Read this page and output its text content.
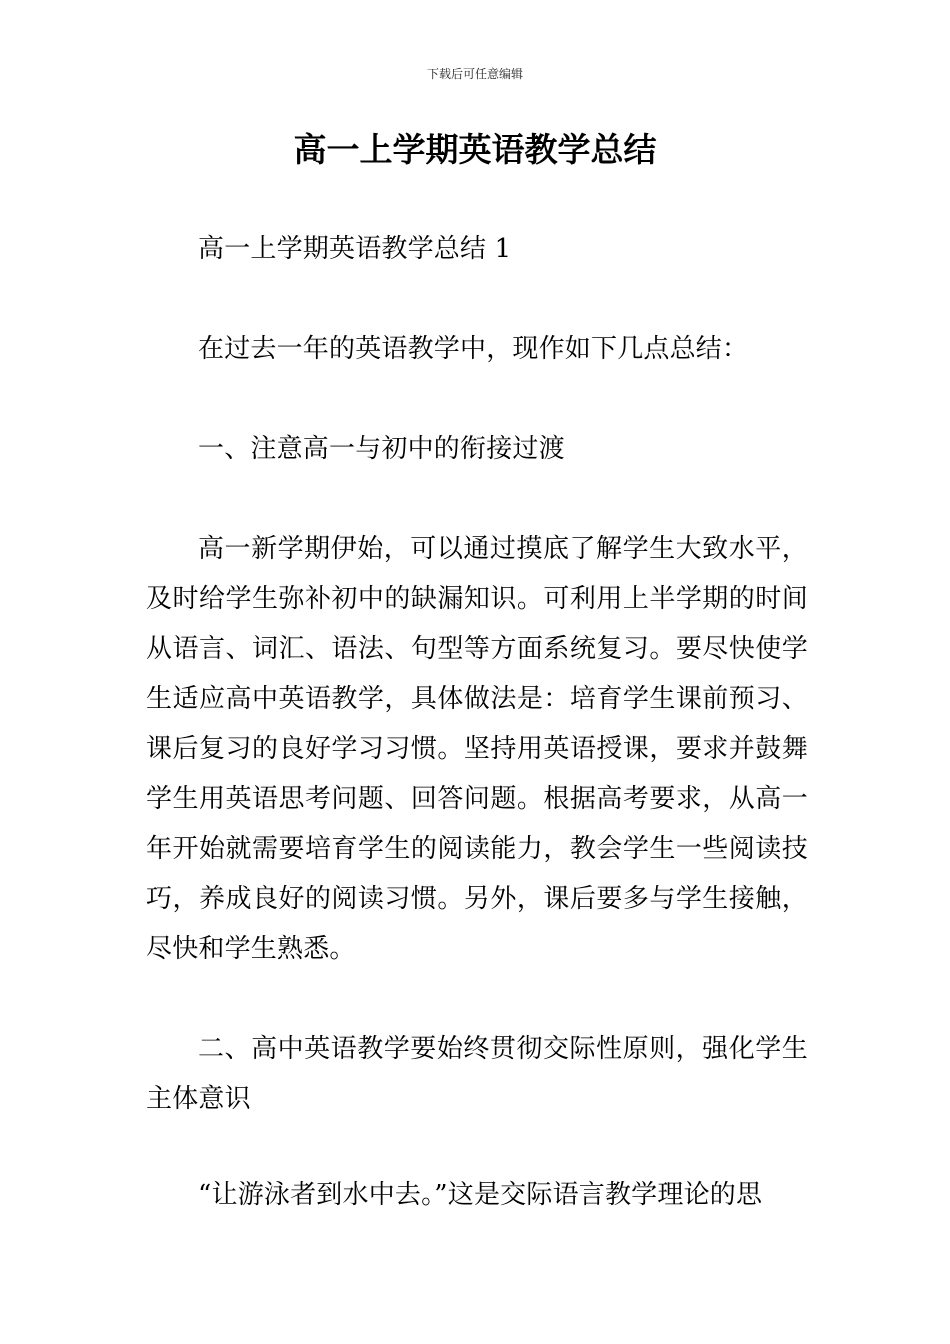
下载后可任意编辑
高一上学期英语教学总结

高一上学期英语教学总结 1

在过去一年的英语教学中，现作如下几点总结：

一、注意高一与初中的衔接过渡

高一新学期伊始，可以通过摸底了解学生大致水平，及时给学生弥补初中的缺漏知识。可利用上半学期的时间从语言、词汇、语法、句型等方面系统复习。要尽快使学生适应高中英语教学，具体做法是：培育学生课前预习、课后复习的良好学习习惯。坚持用英语授课，要求并鼓舞学生用英语思考问题、回答问题。根据高考要求，从高一年开始就需要培育学生的阅读能力，教会学生一些阅读技巧，养成良好的阅读习惯。另外，课后要多与学生接触，尽快和学生熟悉。

二、高中英语教学要始终贯彻交际性原则，强化学生主体意识

“让游泳者到水中去。”这是交际语言教学理论的思
